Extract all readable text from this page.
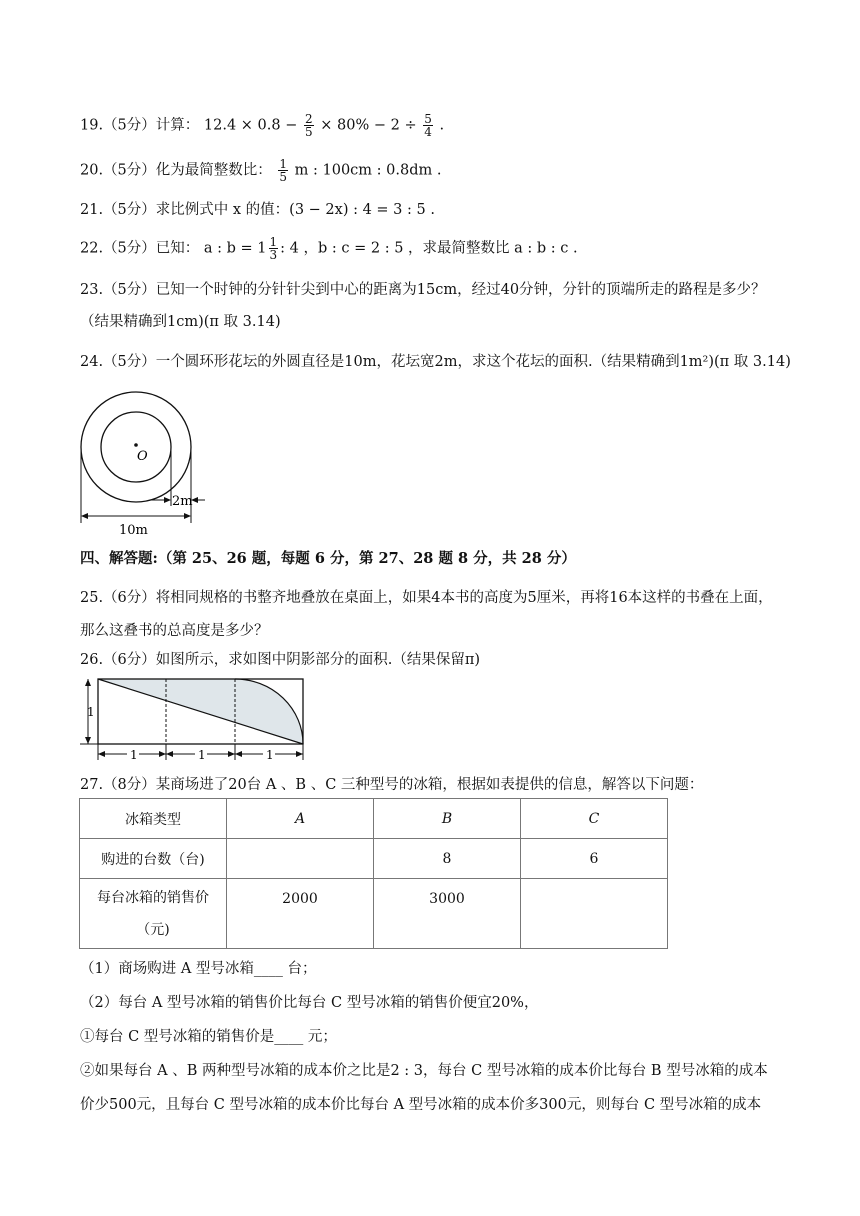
19.（5分）计算： $12.4 \times 0.8 - \frac{2}{5} \times 80\% - 2 \div \frac{5}{4}$ .
20.（5分）化为最简整数比： $\frac{1}{5}$ m : 100cm : 0.8dm .
21.（5分）求比例式中 x 的值：(3 − 2x) : 4 = 3 : 5 .
22.（5分）已知： a : $b = 1 \frac{1}{3}$ : 4 ，b : c = 2 : 5 ，求最简整数比 a : b : c .
23.（5分）已知一个时钟的分针针尖到中心的距离为15cm，经过40分钟，分针的顶端所走的路程是多少？
（结果精确到1cm)(π 取 3.14)
24.（5分）一个圆环形花坛的外圆直径是10m，花坛宽2m，求这个花坛的面积.（结果精确到1m²)(π 取 3.14)
O
2m
10m
四、解答题:（第 25、26 题，每题 6 分，第 27、28 题 8 分，共 28 分）
25.（6分）将相同规格的书整齐地叠放在桌面上，如果4本书的高度为5厘米，再将16本这样的书叠在上面，那么这叠书的总高度是多少？
26.（6分）如图所示，求如图中阴影部分的面积.（结果保留π)
1
1	1	1
27.（8分）某商场进了20台 A 、B 、C 三种型号的冰箱，根据如表提供的信息，解答以下问题：
冰箱类型	A	B	C
购进的台数（台)		8	6
每台冰箱的销售价（元)	2000	3000	
（1）商场购进 A 型号冰箱____ 台；
（2）每台 A 型号冰箱的销售价比每台 C 型号冰箱的销售价便宜20%，
①每台 C 型号冰箱的销售价是____ 元；
②如果每台 A 、B 两种型号冰箱的成本价之比是2 : 3，每台 C 型号冰箱的成本价比每台 B 型号冰箱的成本
价少500元，且每台 C 型号冰箱的成本价比每台 A 型号冰箱的成本价多300元，则每台 C 型号冰箱的成本
